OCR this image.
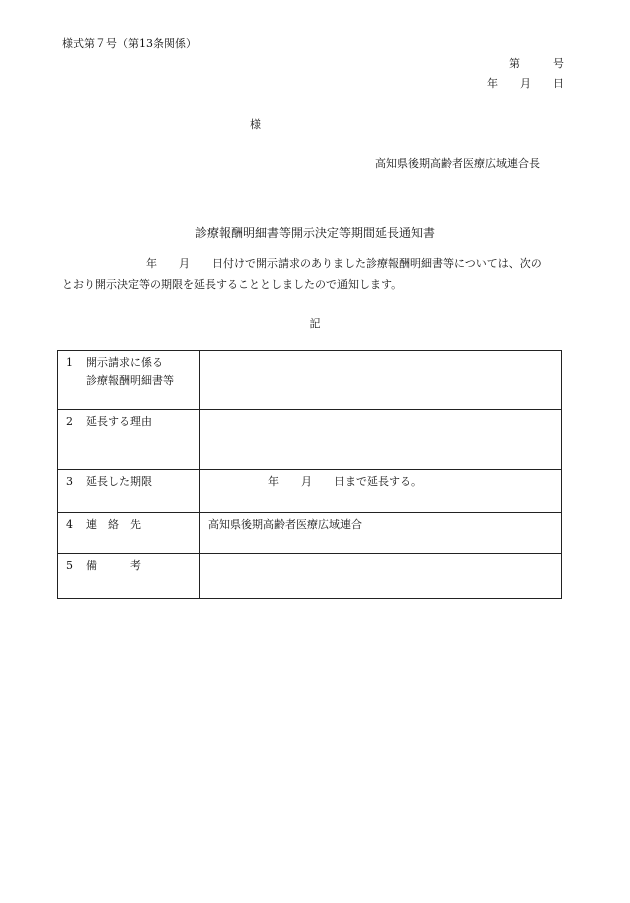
様式第７号（第13条関係）
第　　　号
年　　月　　日
様
高知県後期高齢者医療広域連合長
診療報酬明細書等開示決定等期間延長通知書
年　　月　　日付けで開示請求のありました診療報酬明細書等については、次の
とおり開示決定等の期限を延長することとしましたので通知します。
記
1 開示請求に係る
診療報酬明細書等	

2 延長する理由	
3 延長した期限	年　　月　　日まで延長する。
4 連　絡　先	高知県後期高齢者医療広域連合
5 備　　　考	
